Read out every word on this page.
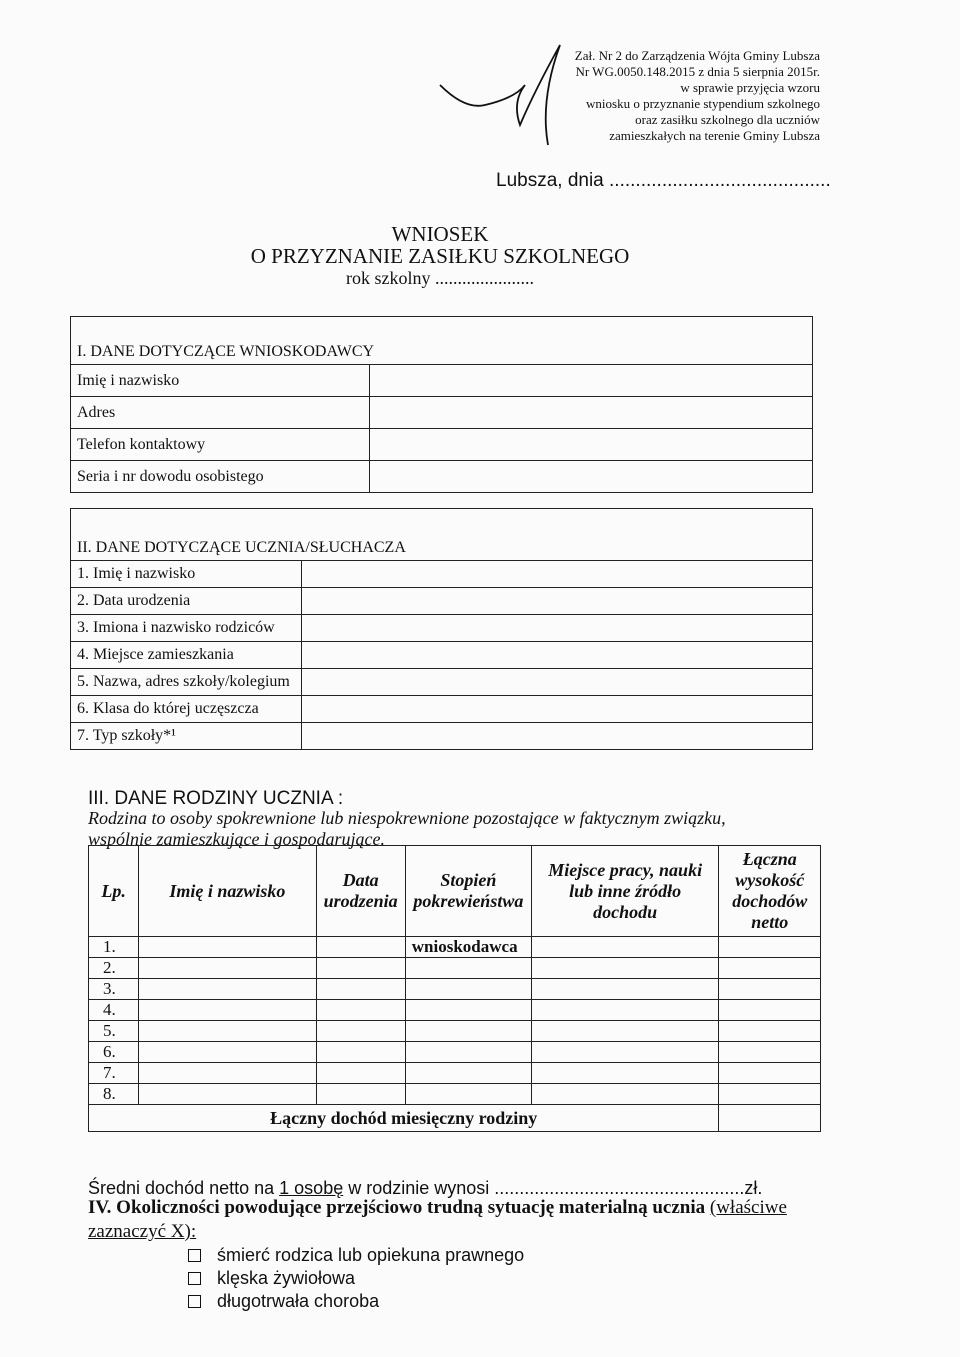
Zał. Nr 2 do Zarządzenia Wójta Gminy Lubsza
Nr WG.0050.148.2015 z dnia 5 sierpnia 2015r.
w sprawie przyjęcia wzoru
wniosku o przyznanie stypendium szkolnego
oraz zasiłku szkolnego dla uczniów
zamieszkałych na terenie Gminy Lubsza
Lubsza, dnia ..........................................
WNIOSEK
O PRZYZNANIE ZASIŁKU SZKOLNEGO
rok szkolny ......................
I. DANE DOTYCZĄCE WNIOSKODAWCY	
Imię i nazwisko	
Adres	
Telefon kontaktowy	
Seria i nr dowodu osobistego	
II. DANE DOTYCZĄCE UCZNIA/SŁUCHACZA	
1. Imię i nazwisko	
2. Data urodzenia	
3. Imiona i nazwisko rodziców	
4. Miejsce zamieszkania	
5. Nazwa, adres szkoły/kolegium	
6. Klasa do której uczęszcza	
7. Typ szkoły*¹	
III. DANE RODZINY UCZNIA :
Rodzina to osoby spokrewnione lub niespokrewnione pozostające w faktycznym związku,
wspólnie zamieszkujące i gospodarujące.
Lp.	Imię i nazwisko	Data urodzenia	Stopień pokrewieństwa	Miejsce pracy, nauki lub inne źródło dochodu	Łączna wysokość dochodów netto
1.			wnioskodawca		
2.					
3.					
4.					
5.					
6.					
7.					
8.					
Łączny dochód miesięczny rodziny					
Średni dochód netto na 1 osobę w rodzinie wynosi ..................................................zł.
IV. Okoliczności powodujące przejściowo trudną sytuację materialną ucznia (właściwe
zaznaczyć X):
śmierć rodzica lub opiekuna prawnego
klęska żywiołowa
długotrwała choroba
